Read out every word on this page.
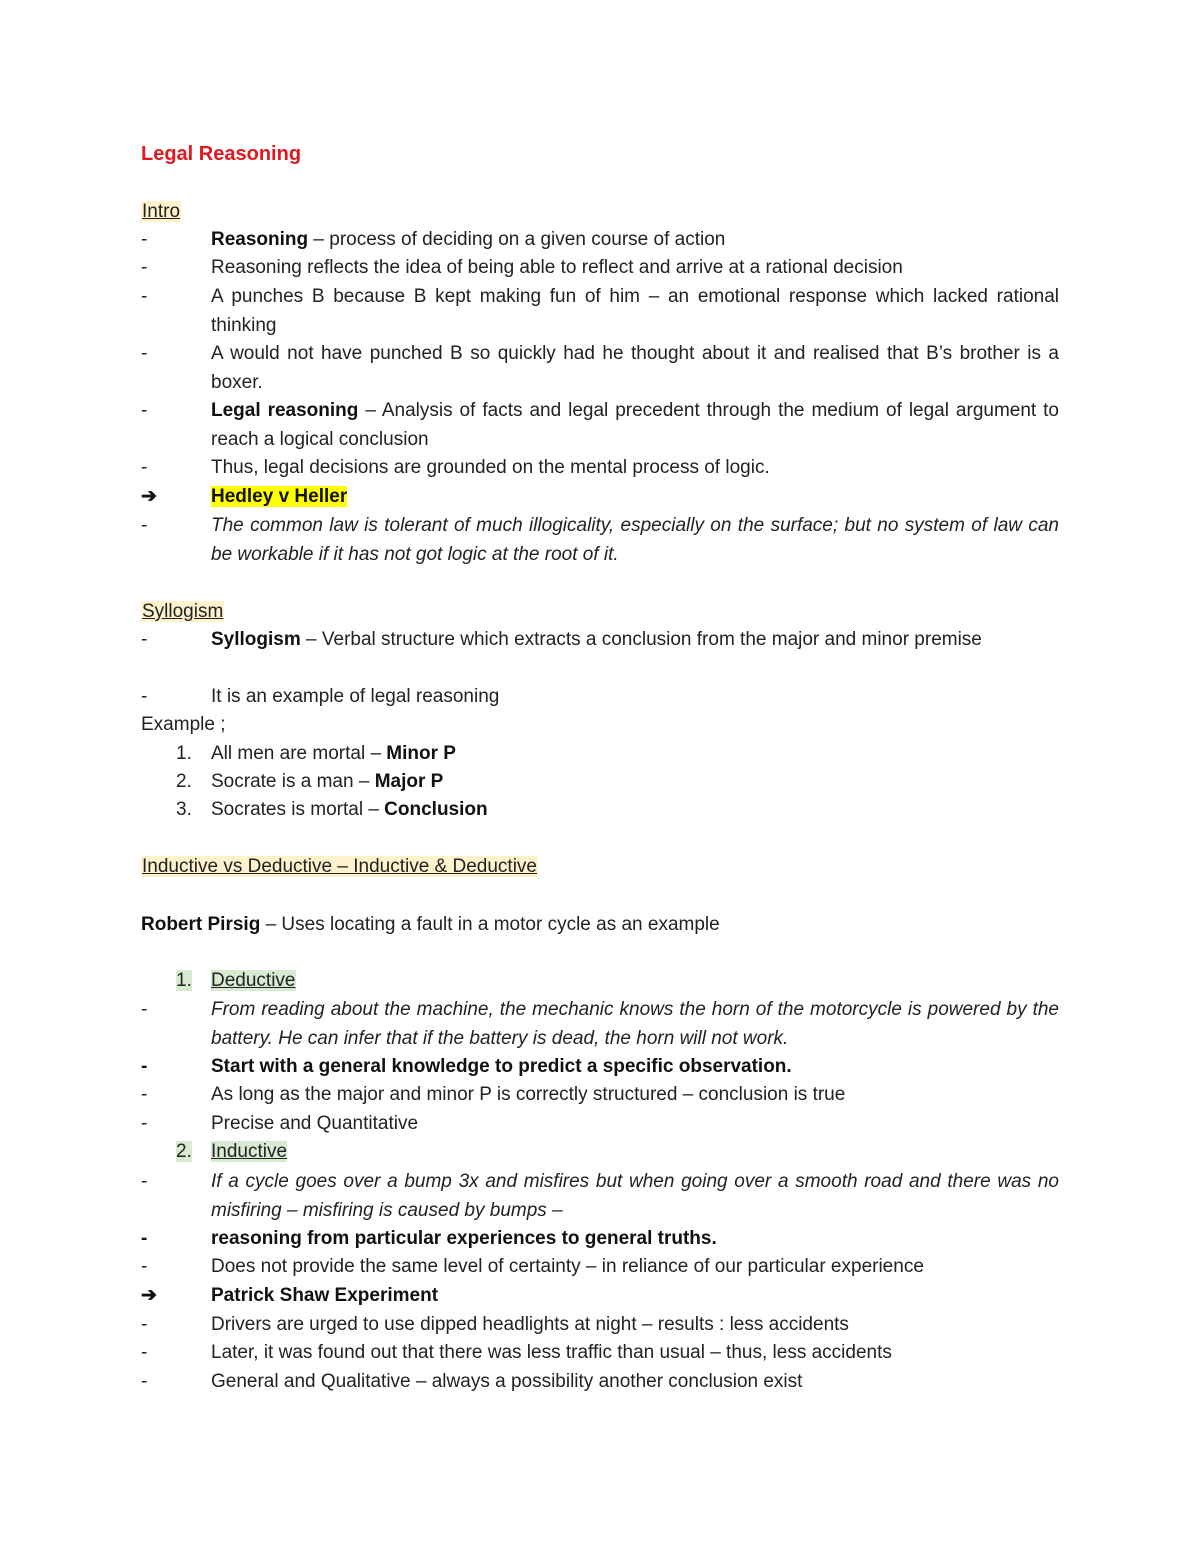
Legal Reasoning
Intro
-	Reasoning – process of deciding on a given course of action
-	Reasoning reflects the idea of being able to reflect and arrive at a rational decision
-	A punches B because B kept making fun of him – an emotional response which lacked rational thinking
-	A would not have punched B so quickly had he thought about it and realised that B’s brother is a boxer.
-	Legal reasoning – Analysis of facts and legal precedent through the medium of legal argument to reach a logical conclusion
-	Thus, legal decisions are grounded on the mental process of logic.
➔	Hedley v Heller
-	The common law is tolerant of much illogicality, especially on the surface; but no system of law can be workable if it has not got logic at the root of it.
Syllogism
-	Syllogism – Verbal structure which extracts a conclusion from the major and minor premise
-	It is an example of legal reasoning
Example ;
1.	All men are mortal – Minor P
2.	Socrate is a man – Major P
3.	Socrates is mortal – Conclusion
Inductive vs Deductive – Inductive & Deductive
Robert Pirsig – Uses locating a fault in a motor cycle as an example
1.	Deductive
-	From reading about the machine, the mechanic knows the horn of the motorcycle is powered by the battery. He can infer that if the battery is dead, the horn will not work.
-	Start with a general knowledge to predict a specific observation.
-	As long as the major and minor P is correctly structured – conclusion is true
-	Precise and Quantitative
2.	Inductive
-	If a cycle goes over a bump 3x and misfires but when going over a smooth road and there was no misfiring – misfiring is caused by bumps –
-	reasoning from particular experiences to general truths.
-	Does not provide the same level of certainty – in reliance of our particular experience
➔	Patrick Shaw Experiment
-	Drivers are urged to use dipped headlights at night – results : less accidents
-	Later, it was found out that there was less traffic than usual – thus, less accidents
-	General and Qualitative – always a possibility another conclusion exist
